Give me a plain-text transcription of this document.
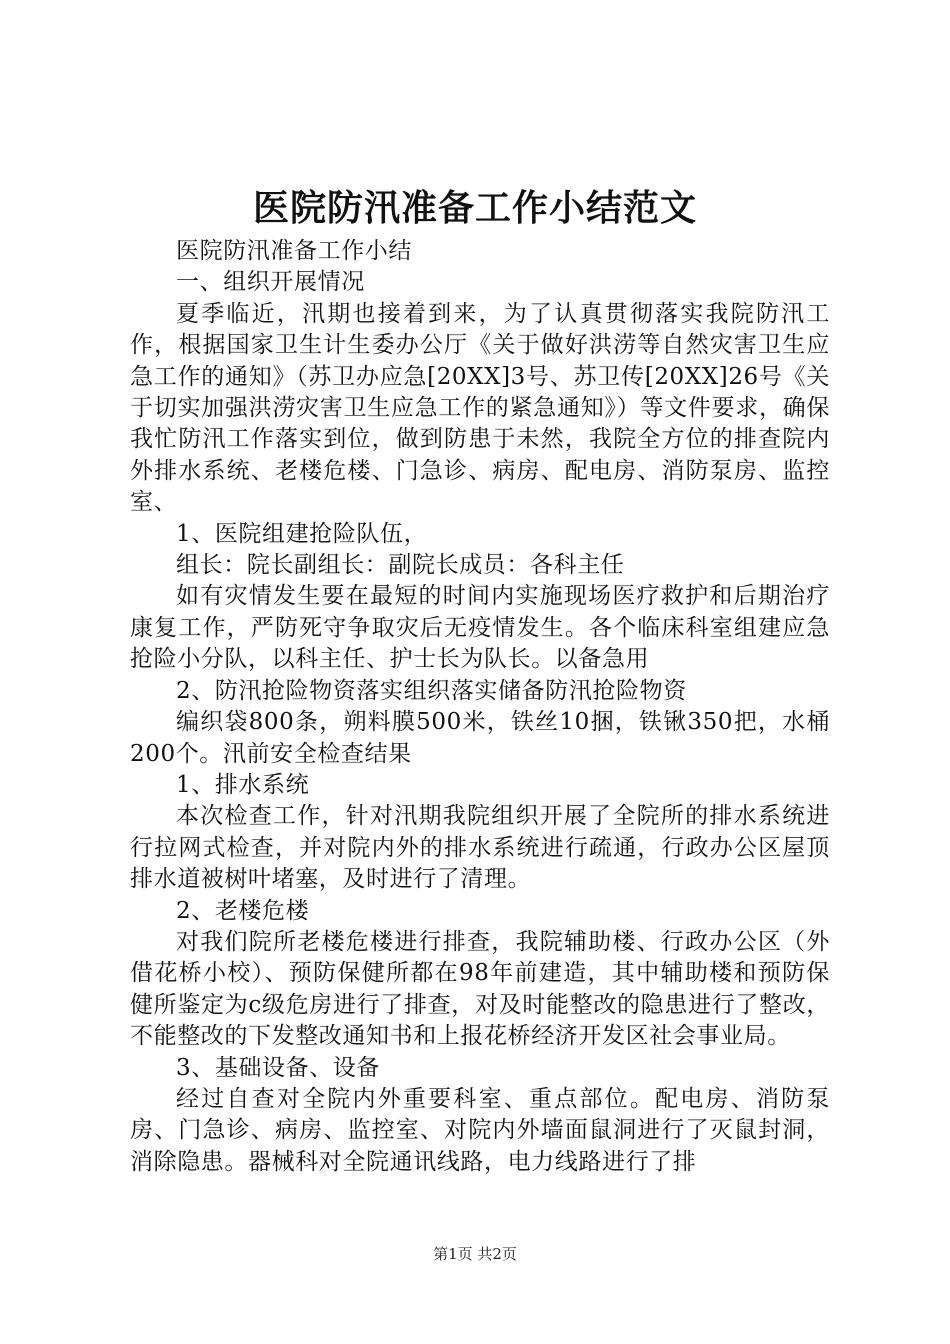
医院防汛准备工作小结范文

医院防汛准备工作小结

一、组织开展情况

夏季临近，汛期也接着到来，为了认真贯彻落实我院防汛工作，根据国家卫生计生委办公厅《关于做好洪涝等自然灾害卫生应急工作的通知》（苏卫办应急[20XX]3号、苏卫传[20XX]26号《关于切实加强洪涝灾害卫生应急工作的紧急通知》）等文件要求，确保我忙防汛工作落实到位，做到防患于未然，我院全方位的排查院内外排水系统、老楼危楼、门急诊、病房、配电房、消防泵房、监控室、

1、医院组建抢险队伍，

组长：院长副组长：副院长成员：各科主任

如有灾情发生要在最短的时间内实施现场医疗救护和后期治疗康复工作，严防死守争取灾后无疫情发生。各个临床科室组建应急抢险小分队，以科主任、护士长为队长。以备急用

2、防汛抢险物资落实组织落实储备防汛抢险物资

编织袋800条，朔料膜500米，铁丝10捆，铁锹350把，水桶200个。汛前安全检查结果

1、排水系统

本次检查工作，针对汛期我院组织开展了全院所的排水系统进行拉网式检查，并对院内外的排水系统进行疏通，行政办公区屋顶排水道被树叶堵塞，及时进行了清理。

2、老楼危楼

对我们院所老楼危楼进行排查，我院辅助楼、行政办公区（外借花桥小校）、预防保健所都在98年前建造，其中辅助楼和预防保健所鉴定为c级危房进行了排查，对及时能整改的隐患进行了整改，不能整改的下发整改通知书和上报花桥经济开发区社会事业局。

3、基础设备、设备

经过自查对全院内外重要科室、重点部位。配电房、消防泵房、门急诊、病房、监控室、对院内外墙面鼠洞进行了灭鼠封洞，消除隐患。器械科对全院通讯线路，电力线路进行了排

第1页 共2页
